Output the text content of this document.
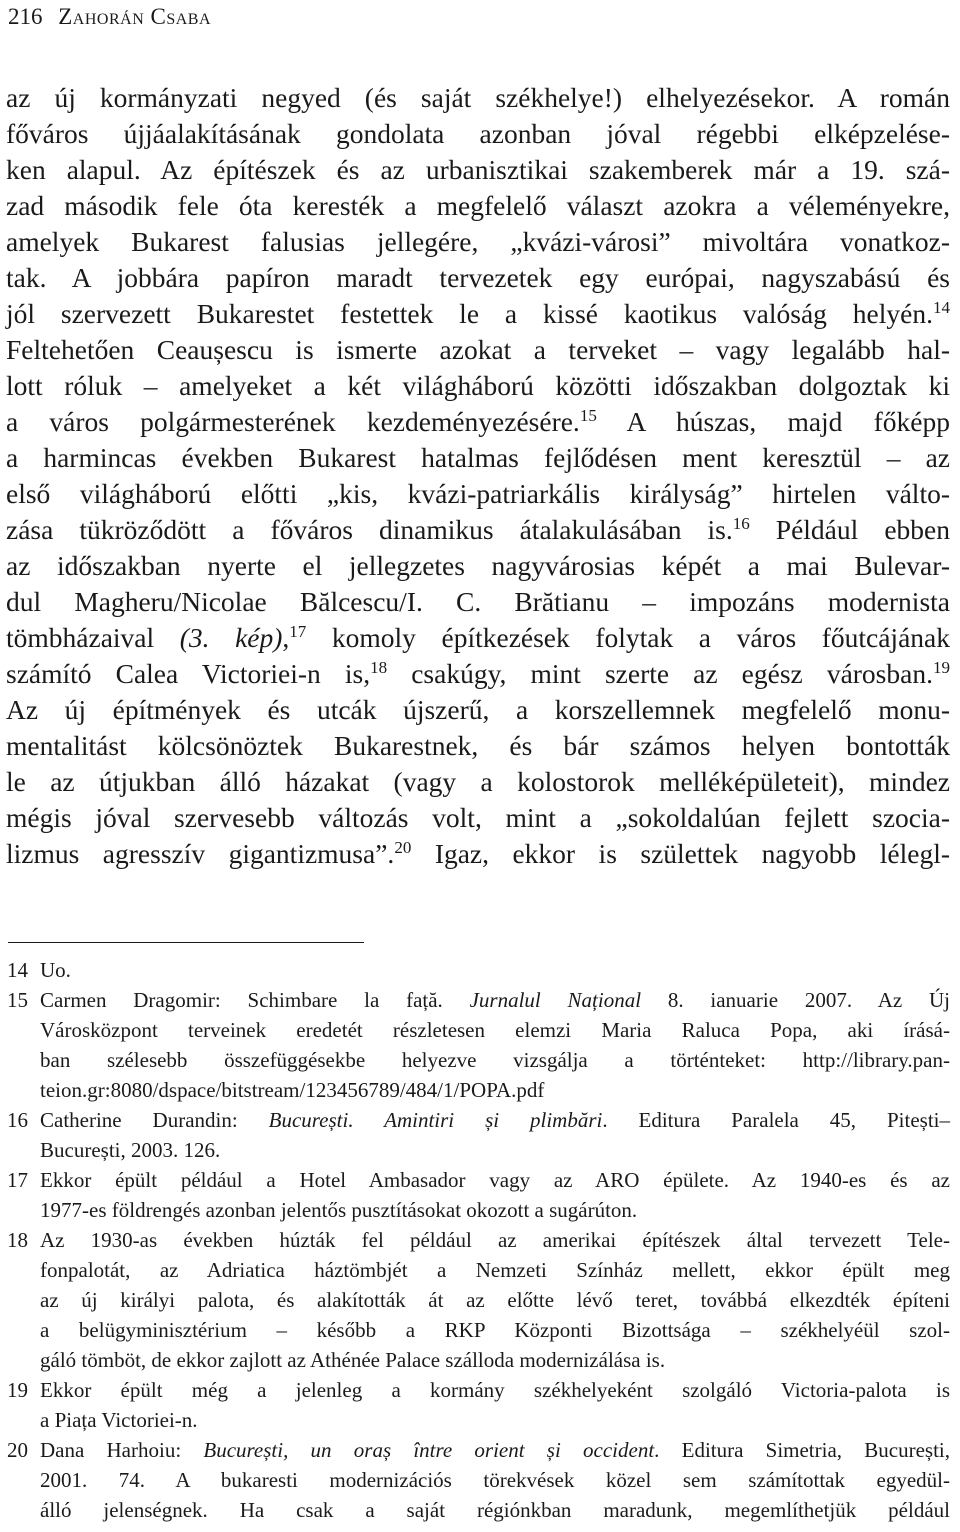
216 Zahorán Csaba
az új kormányzati negyed (és saját székhelye!) elhelyezésekor. A román
főváros újjáalakításának gondolata azonban jóval régebbi elképzelése-
ken alapul. Az építészek és az urbanisztikai szakemberek már a 19. szá-
zad második fele óta keresték a megfelelő választ azokra a véleményekre,
amelyek Bukarest falusias jellegére, „kvázi-városi” mivoltára vonatkoz-
tak. A jobbára papíron maradt tervezetek egy európai, nagyszabású és
jól szervezett Bukarestet festettek le a kissé kaotikus valóság helyén.$^{14}$
Feltehetően Ceaușescu is ismerte azokat a terveket – vagy legalább hal-
lott róluk – amelyeket a két világháború közötti időszakban dolgoztak ki
a város polgármesterének kezdeményezésére.$^{15}$ A húszas, majd főképp
a harmincas években Bukarest hatalmas fejlődésen ment keresztül – az
első világháború előtti „kis, kvázi-patriarkális királyság” hirtelen válto-
zása tükröződött a főváros dinamikus átalakulásában is.$^{16}$ Például ebben
az időszakban nyerte el jellegzetes nagyvárosias képét a mai Bulevar-
dul Magheru/Nicolae Bălcescu/I. C. Brătianu – impozáns modernista
tömbházaival (3. kép),$^{17}$ komoly építkezések folytak a város főutcájának
számító Calea Victoriei-n is,$^{18}$ csakúgy, mint szerte az egész városban.$^{19}$
Az új építmények és utcák újszerű, a korszellemnek megfelelő monu-
mentalitást kölcsönöztek Bukarestnek, és bár számos helyen bontották
le az útjukban álló házakat (vagy a kolostorok melléképületeit), mindez
mégis jóval szervesebb változás volt, mint a „sokoldalúan fejlett szocia-
lizmus agresszív gigantizmusa”.$^{20}$ Igaz, ekkor is születtek nagyobb lélegl-
14 Uo.
15 Carmen Dragomir: Schimbare la față. Jurnalul Național 8. ianuarie 2007. Az Új
Városközpont terveinek eredetét részletesen elemzi Maria Raluca Popa, aki írásá-
ban szélesebb összefüggésekbe helyezve vizsgálja a történteket: http://library.pan-
teion.gr:8080/dspace/bitstream/123456789/484/1/POPA.pdf
16 Catherine Durandin: București. Amintiri și plimbări. Editura Paralela 45, Pitești–
București, 2003. 126.
17 Ekkor épült például a Hotel Ambasador vagy az ARO épülete. Az 1940-es és az
1977-es földrengés azonban jelentős pusztításokat okozott a sugárúton.
18 Az 1930-as években húzták fel például az amerikai építészek által tervezett Tele-
fonpalotát, az Adriatica háztömbjét a Nemzeti Színház mellett, ekkor épült meg
az új királyi palota, és alakították át az előtte lévő teret, továbbá elkezdték építeni
a belügyminisztérium – később a RKP Központi Bizottsága – székhelyéül szol-
gáló tömböt, de ekkor zajlott az Athénée Palace szálloda modernizálása is.
19 Ekkor épült még a jelenleg a kormány székhelyeként szolgáló Victoria-palota is
a Piața Victoriei-n.
20 Dana Harhoiu: București, un oraș între orient și occident. Editura Simetria, București,
2001. 74. A bukaresti modernizációs törekvések közel sem számítottak egyedül-
álló jelenségnek. Ha csak a saját régiónkban maradunk, megemlíthetjük például
